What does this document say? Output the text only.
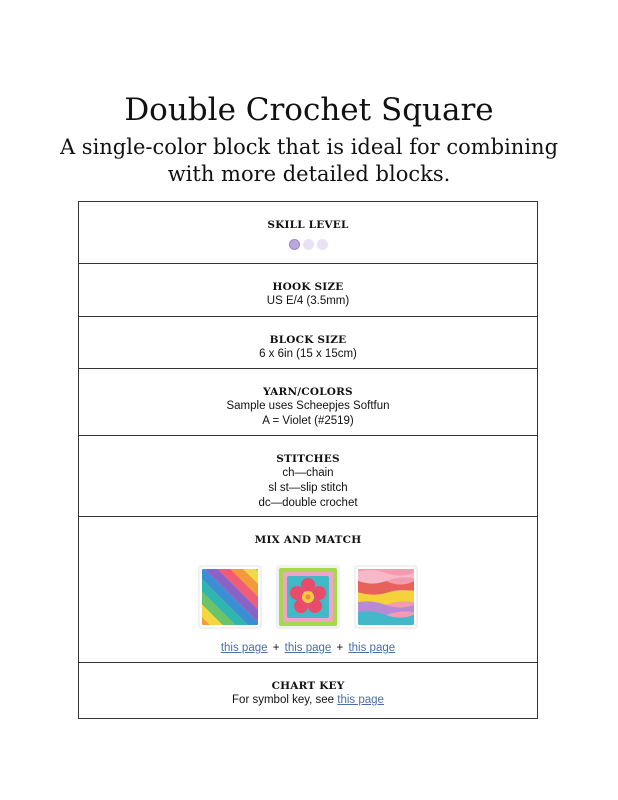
Double Crochet Square
A single-color block that is ideal for combining with more detailed blocks.
SKILL LEVEL
HOOK SIZE
US E/4 (3.5mm)
BLOCK SIZE
6 x 6in (15 x 15cm)
YARN/COLORS
Sample uses Scheepjes Softfun
A = Violet (#2519)
STITCHES
ch—chain
sl st—slip stitch
dc—double crochet
MIX AND MATCH
this page + this page + this page
CHART KEY
For symbol key, see this page
